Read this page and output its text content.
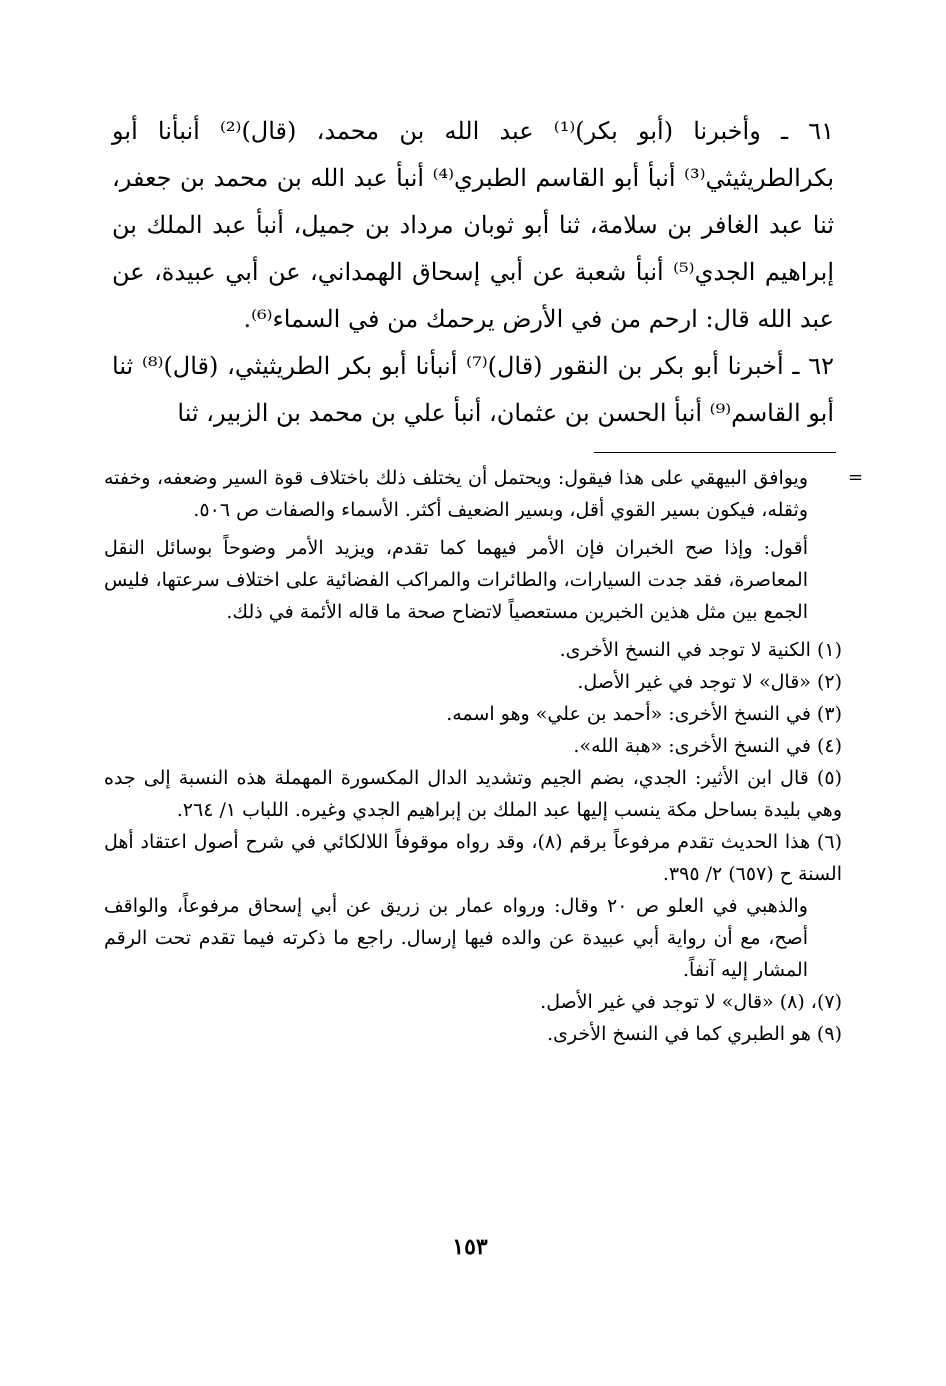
٦١ ـ وأخبرنا (أبو بكر)⁽¹⁾ عبد الله بن محمد، (قال)⁽²⁾ أنبأنا أبو بكرالطريثيثي⁽³⁾ أنبأ أبو القاسم الطبري⁽⁴⁾ أنبأ عبد الله بن محمد بن جعفر، ثنا عبد الغافر بن سلامة، ثنا أبو ثوبان مرداد بن جميل، أنبأ عبد الملك بن إبراهيم الجدي⁽⁵⁾ أنبأ شعبة عن أبي إسحاق الهمداني، عن أبي عبيدة، عن عبد الله قال: ارحم من في الأرض يرحمك من في السماء⁽⁶⁾.

٦٢ ـ أخبرنا أبو بكر بن النقور (قال)⁽⁷⁾ أنبأنا أبو بكر الطريثيثي، (قال)⁽⁸⁾ ثنا أبو القاسم⁽⁹⁾ أنبأ الحسن بن عثمان، أنبأ علي بن محمد بن الزبير، ثنا

=

ويوافق البيهقي على هذا فيقول: ويحتمل أن يختلف ذلك باختلاف قوة السير وضعفه، وخفته وثقله، فيكون بسير القوي أقل، وبسير الضعيف أكثر. الأسماء والصفات ص ٥٠٦.

أقول: وإذا صح الخبران فإن الأمر فيهما كما تقدم، ويزيد الأمر وضوحاً بوسائل النقل المعاصرة، فقد جدت السيارات، والطائرات والمراكب الفضائية على اختلاف سرعتها، فليس الجمع بين مثل هذين الخبرين مستعصياً لاتضاح صحة ما قاله الأئمة في ذلك.

(١) الكنية لا توجد في النسخ الأخرى.

(٢) «قال» لا توجد في غير الأصل.

(٣) في النسخ الأخرى: «أحمد بن علي» وهو اسمه.

(٤) في النسخ الأخرى: «هبة الله».

(٥) قال ابن الأثير: الجدي، بضم الجيم وتشديد الدال المكسورة المهملة هذه النسبة إلى جده وهي بليدة بساحل مكة ينسب إليها عبد الملك بن إبراهيم الجدي وغيره. اللباب ١/ ٢٦٤.

(٦) هذا الحديث تقدم مرفوعاً برقم (٨)، وقد رواه موقوفاً اللالكائي في شرح أصول اعتقاد أهل السنة ح (٦٥٧) ٢/ ٣٩٥.

والذهبي في العلو ص ٢٠ وقال: ورواه عمار بن زريق عن أبي إسحاق مرفوعاً، والواقف أصح، مع أن رواية أبي عبيدة عن والده فيها إرسال. راجع ما ذكرته فيما تقدم تحت الرقم المشار إليه آنفاً.

(٧)، (٨) «قال» لا توجد في غير الأصل.

(٩) هو الطبري كما في النسخ الأخرى.

١٥٣
